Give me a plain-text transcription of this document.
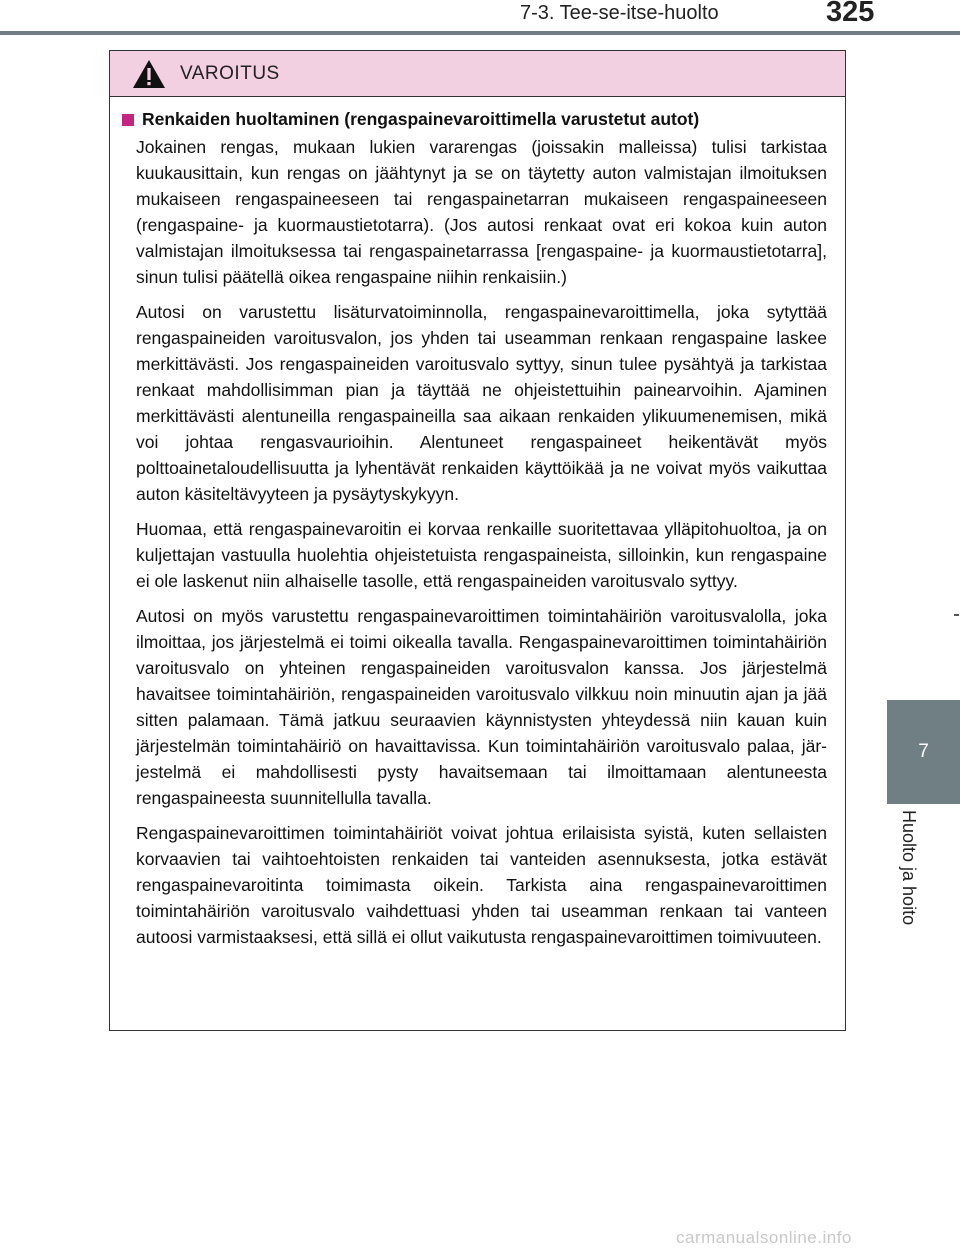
7-3. Tee-se-itse-huolto	325
7
Huolto ja hoito
VAROITUS
Renkaiden huoltaminen (rengaspainevaroittimella varustetut autot)

Jokainen rengas, mukaan lukien vararengas (joissakin malleissa) tulisi tarkistaa kuukausittain, kun rengas on jäähtynyt ja se on täytetty auton valmistajan ilmoituksen mukaiseen rengaspaineeseen tai rengaspainetarran mukaiseen rengaspaineeseen (rengaspaine- ja kuormaustietotarra). (Jos autosi renkaat ovat eri kokoa kuin auton valmistajan ilmoituksessa tai rengaspainetarrassa [rengaspaine- ja kuormaustietotarra], sinun tulisi päätellä oikea rengaspaine niihin renkaisiin.)

Autosi on varustettu lisäturvatoiminnolla, rengaspainevaroittimella, joka sytyttää rengaspaineiden varoitusvalon, jos yhden tai useamman renkaan rengaspaine laskee merkittävästi. Jos rengaspaineiden varoitusvalo syttyy, sinun tulee pysähtyä ja tarkistaa renkaat mahdollisimman pian ja täyttää ne ohjeistettuihin painearvoihin. Ajaminen merkittävästi alentuneilla rengaspaineilla saa aikaan renkaiden ylikuumenemisen, mikä voi johtaa rengasvaurioihin. Alentuneet rengaspaineet heikentävät myös polttoainetaloudellisuutta ja lyhentävät renkaiden käyttöikää ja ne voivat myös vaikuttaa auton käsiteltävyyteen ja pysäytyskykyyn.

Huomaa, että rengaspainevaroitin ei korvaa renkaille suoritettavaa ylläpitohuoltoa, ja on kuljettajan vastuulla huolehtia ohjeistetuista rengaspaineista, silloinkin, kun rengaspaine ei ole laskenut niin alhaiselle tasolle, että rengaspaineiden varoitusvalo syttyy.

Autosi on myös varustettu rengaspainevaroittimen toimintahäiriön varoitusvalolla, joka ilmoittaa, jos järjestelmä ei toimi oikealla tavalla. Rengaspainevaroittimen toimintahäiriön varoitusvalo on yhteinen rengaspaineiden varoitusvalon kanssa. Jos järjestelmä havaitsee toimintahäiriön, rengaspaineiden varoitusvalo vilkkuu noin minuutin ajan ja jää sitten palamaan. Tämä jatkuu seuraavien käynnistysten yhteydessä niin kauan kuin järjestelmän toimintahäiriö on havaittavissa. Kun toimintahäiriön varoitusvalo palaa, järjestelmä ei mahdollisesti pysty havaitsemaan tai ilmoittamaan alentuneesta rengaspaineesta suunnitellulla tavalla.

Rengaspainevaroittimen toimintahäiriöt voivat johtua erilaisista syistä, kuten sellaisten korvaavien tai vaihtoehtoisten renkaiden tai vanteiden asennuksesta, jotka estävät rengaspainevaroitinta toimimasta oikein. Tarkista aina rengaspainevaroittimen toimintahäiriön varoitusvalo vaihdettuasi yhden tai useamman renkaan tai vanteen autoosi varmistaaksesi, että sillä ei ollut vaikutusta rengaspainevaroittimen toimivuuteen.

carmanualsonline.info
